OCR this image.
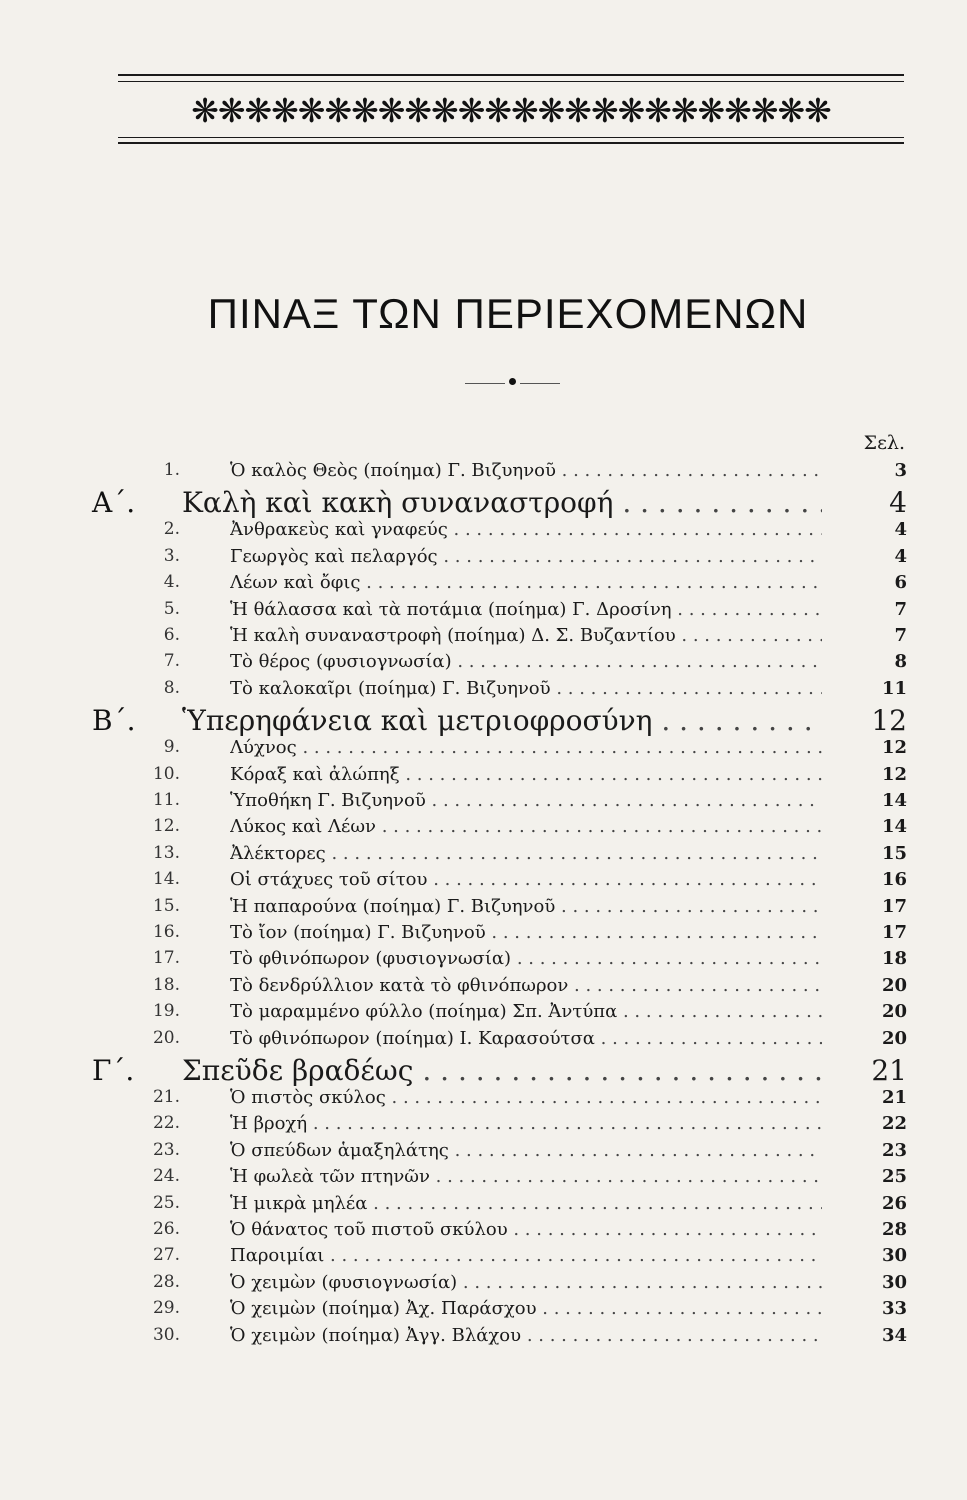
❋❋❋❋❋❋❋❋❋❋❋❋❋❋❋❋❋❋❋❋❋❋❋❋
ΠΙΝΑΞ ΤΩΝ ΠΕΡΙΕΧΟΜΕΝΩΝ
Σελ.
1.	Ὁ καλὸς Θεὸς (ποίημα) Γ. Βιζυηνοῦ . . .	3
Α΄. Καλὴ καὶ κακὴ συναναστροφή . . .	4
2.	Ἀνθρακεὺς καὶ γναφεύς . . .	4
3.	Γεωργὸς καὶ πελαργός . . .	4
4.	Λέων καὶ ὄφις . . .	6
5.	Ἡ θάλασσα καὶ τὰ ποτάμια (ποίημα) Γ. Δροσίνη . . .	7
6.	Ἡ καλὴ συναναστροφὴ (ποίημα) Δ. Σ. Βυζαντίου . . .	7
7.	Τὸ θέρος (φυσιογνωσία) . . .	8
8.	Τὸ καλοκαῖρι (ποίημα) Γ. Βιζυηνοῦ . . .	11
Β΄. Ὑπερηφάνεια καὶ μετριοφροσύνη . . .	12
9.	Λύχνος . . .	12
10.	Κόραξ καὶ ἀλώπηξ . . .	12
11.	Ὑποθήκη Γ. Βιζυηνοῦ . . .	14
12.	Λύκος καὶ Λέων . . .	14
13.	Ἀλέκτορες . . .	15
14.	Οἱ στάχυες τοῦ σίτου . . .	16
15.	Ἡ παπαρούνα (ποίημα) Γ. Βιζυηνοῦ . . .	17
16.	Τὸ ἴον (ποίημα) Γ. Βιζυηνοῦ . . .	17
17.	Τὸ φθινόπωρον (φυσιογνωσία) . . .	18
18.	Τὸ δενδρύλλιον κατὰ τὸ φθινόπωρον . . .	20
19.	Τὸ μαραμμένο φύλλο (ποίημα) Σπ. Ἀντύπα . . .	20
20.	Τὸ φθινόπωρον (ποίημα) Ι. Καρασούτσα . . .	20
Γ΄. Σπεῦδε βραδέως . . .	21
21.	Ὁ πιστὸς σκύλος . . .	21
22.	Ἡ βροχή . . .	22
23.	Ὁ σπεύδων ἁμαξηλάτης . . .	23
24.	Ἡ φωλεὰ τῶν πτηνῶν . . .	25
25.	Ἡ μικρὰ μηλέα . . .	26
26.	Ὁ θάνατος τοῦ πιστοῦ σκύλου . . .	28
27.	Παροιμίαι . . .	30
28.	Ὁ χειμὼν (φυσιογνωσία) . . .	30
29.	Ὁ χειμὼν (ποίημα) Ἀχ. Παράσχου . . .	33
30.	Ὁ χειμὼν (ποίημα) Ἀγγ. Βλάχου . . .	34
